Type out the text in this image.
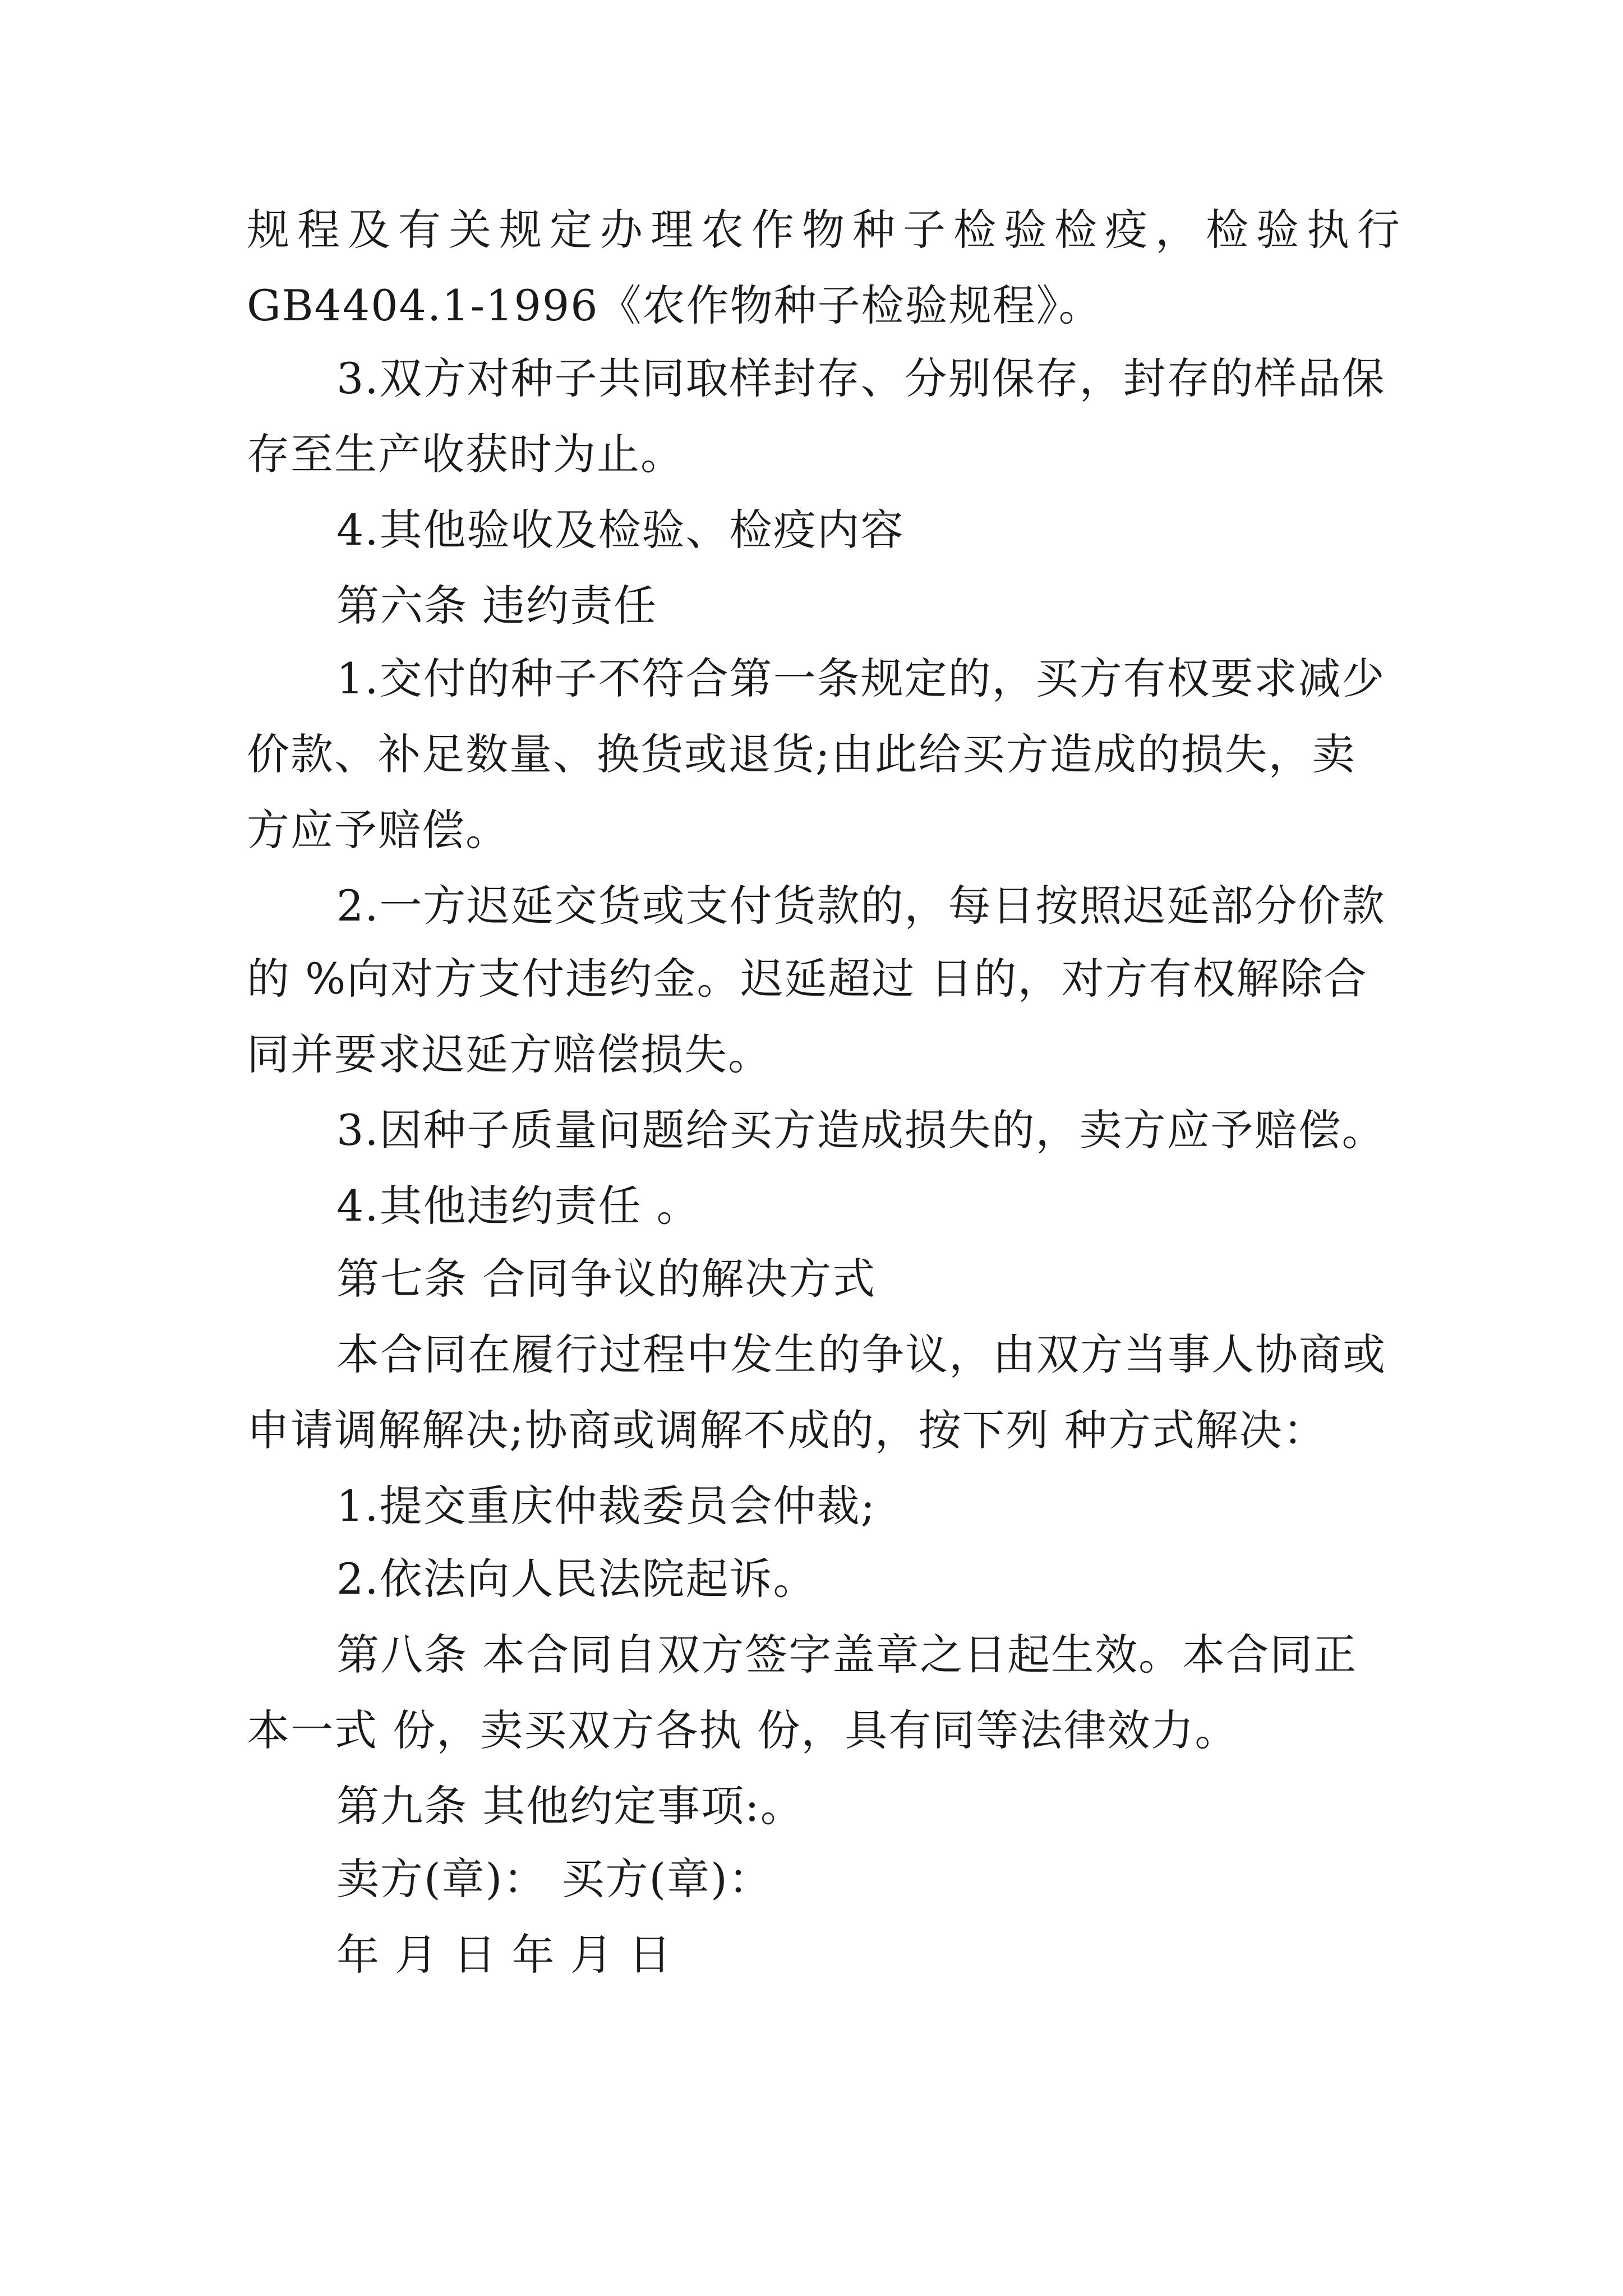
规程及有关规定办理农作物种子检验检疫，检验执行
GB4404.1-1996《农作物种子检验规程》。
3.双方对种子共同取样封存、分别保存，封存的样品保
存至生产收获时为止。
4.其他验收及检验、检疫内容
第六条 违约责任
1.交付的种子不符合第一条规定的，买方有权要求减少
价款、补足数量、换货或退货;由此给买方造成的损失，卖
方应予赔偿。
2.一方迟延交货或支付货款的，每日按照迟延部分价款
的 %向对方支付违约金。迟延超过 日的，对方有权解除合
同并要求迟延方赔偿损失。
3.因种子质量问题给买方造成损失的，卖方应予赔偿。
4.其他违约责任 。
第七条 合同争议的解决方式
本合同在履行过程中发生的争议，由双方当事人协商或
申请调解解决;协商或调解不成的，按下列 种方式解决：
1.提交重庆仲裁委员会仲裁;
2.依法向人民法院起诉。
第八条 本合同自双方签字盖章之日起生效。本合同正
本一式 份，卖买双方各执 份，具有同等法律效力。
第九条 其他约定事项:。
卖方(章)： 买方(章)：
年 月 日 年 月 日
